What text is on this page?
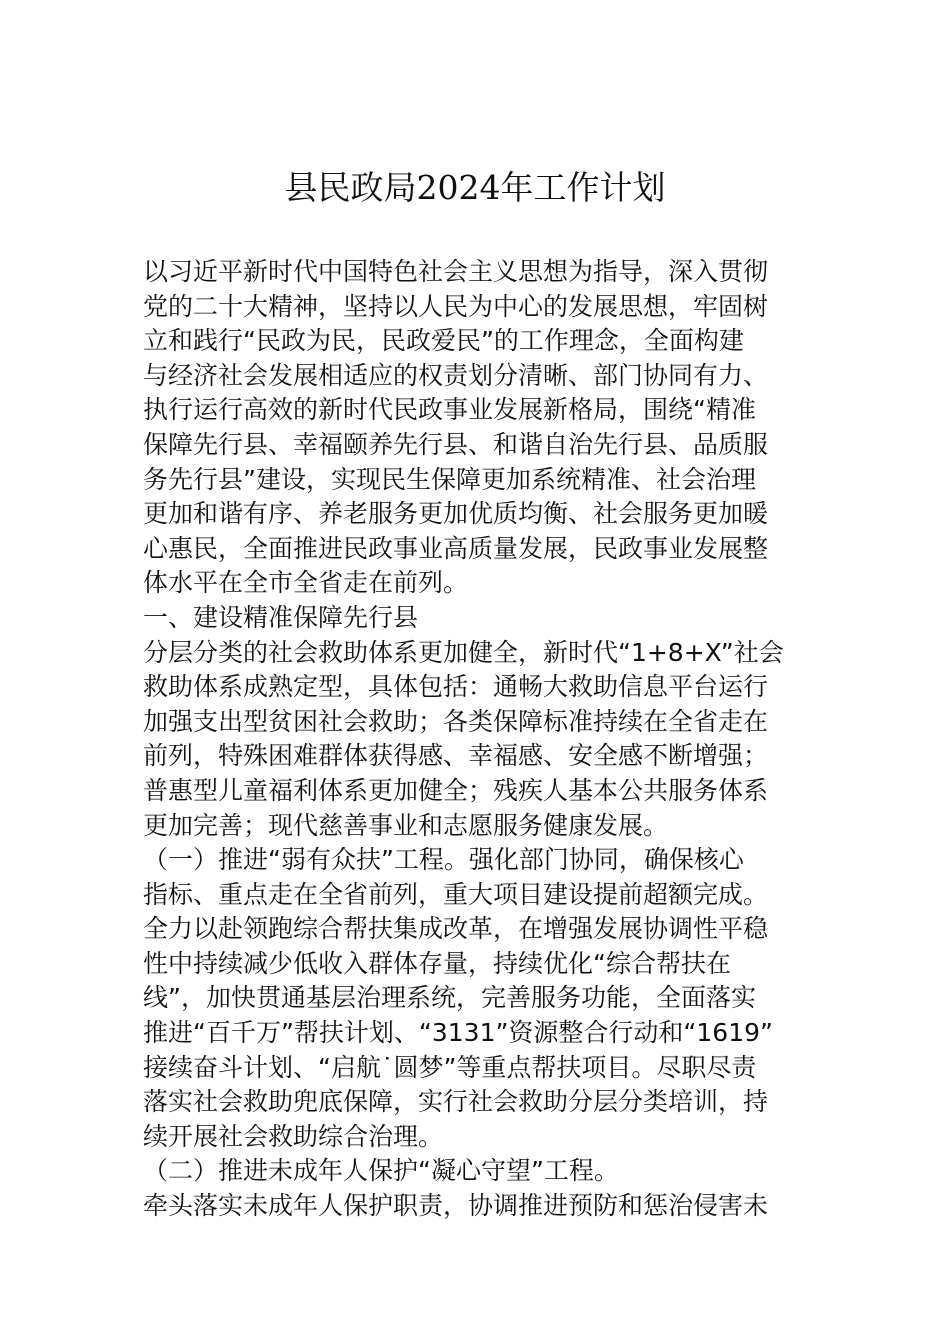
县民政局2024年工作计划
以习近平新时代中国特色社会主义思想为指导，深入贯彻
党的二十大精神，坚持以人民为中心的发展思想，牢固树
立和践行“民政为民，民政爱民”的工作理念，全面构建
与经济社会发展相适应的权责划分清晰、部门协同有力、
执行运行高效的新时代民政事业发展新格局，围绕“精准
保障先行县、幸福颐养先行县、和谐自治先行县、品质服
务先行县”建设，实现民生保障更加系统精准、社会治理
更加和谐有序、养老服务更加优质均衡、社会服务更加暖
心惠民，全面推进民政事业高质量发展，民政事业发展整
体水平在全市全省走在前列。
一、建设精准保障先行县
分层分类的社会救助体系更加健全，新时代“1+8+X”社会
救助体系成熟定型，具体包括：通畅大救助信息平台运行
加强支出型贫困社会救助；各类保障标准持续在全省走在
前列，特殊困难群体获得感、幸福感、安全感不断增强；
普惠型儿童福利体系更加健全；残疾人基本公共服务体系
更加完善；现代慈善事业和志愿服务健康发展。
（一）推进“弱有众扶”工程。强化部门协同，确保核心
指标、重点走在全省前列，重大项目建设提前超额完成。
全力以赴领跑综合帮扶集成改革，在增强发展协调性平稳
性中持续减少低收入群体存量，持续优化“综合帮扶在
线”，加快贯通基层治理系统，完善服务功能，全面落实
推进“百千万”帮扶计划、“3131”资源整合行动和“1619”
接续奋斗计划、“启航˙圆梦”等重点帮扶项目。尽职尽责
落实社会救助兜底保障，实行社会救助分层分类培训，持
续开展社会救助综合治理。
（二）推进未成年人保护“凝心守望”工程。
牵头落实未成年人保护职责，协调推进预防和惩治侵害未
